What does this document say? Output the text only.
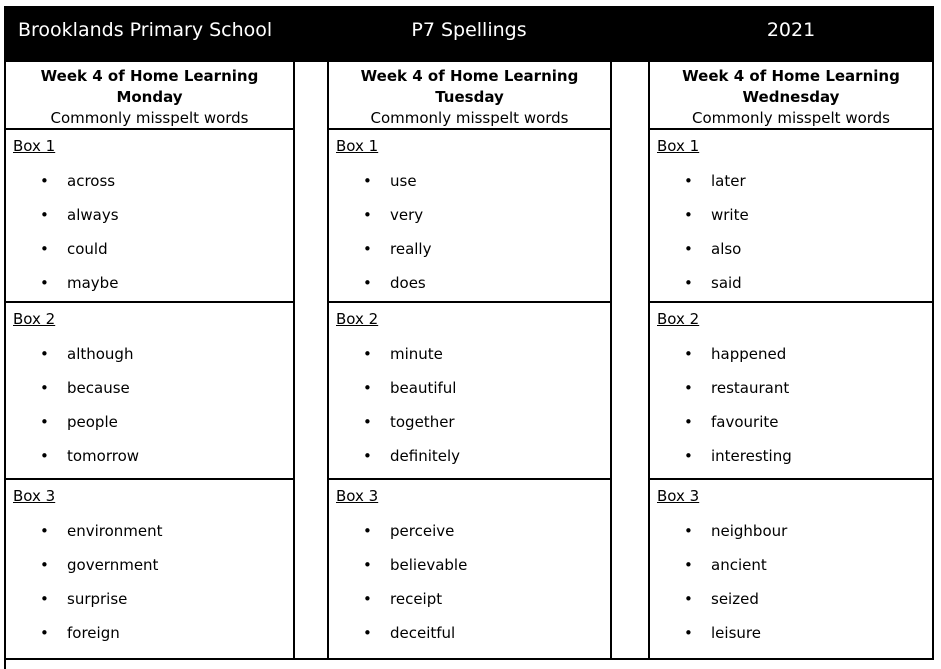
Brooklands Primary School	P7 Spellings	2021
Week 4 of Home Learning
Monday
Commonly misspelt words
Box 1
•	across
•	always
•	could
•	maybe
Box 2
•	although
•	because
•	people
•	tomorrow
Box 3
•	environment
•	government
•	surprise
•	foreign
Week 4 of Home Learning
Tuesday
Commonly misspelt words
Box 1
•	use
•	very
•	really
•	does
Box 2
•	minute
•	beautiful
•	together
•	definitely
Box 3
•	perceive
•	believable
•	receipt
•	deceitful
Week 4 of Home Learning
Wednesday
Commonly misspelt words
Box 1
•	later
•	write
•	also
•	said
Box 2
•	happened
•	restaurant
•	favourite
•	interesting
Box 3
•	neighbour
•	ancient
•	seized
•	leisure
